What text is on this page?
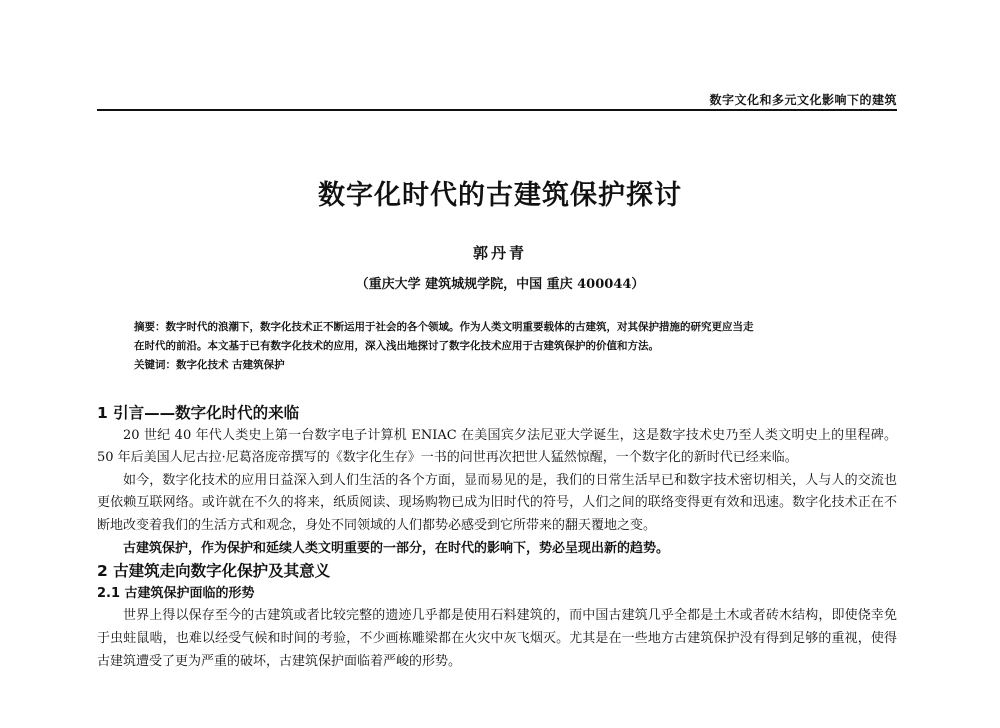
数字文化和多元文化影响下的建筑
数字化时代的古建筑保护探讨
郭丹青
（重庆大学 建筑城规学院，中国 重庆 400044）
摘要：数字时代的浪潮下，数字化技术正不断运用于社会的各个领域。作为人类文明重要载体的古建筑，对其保护措施的研究更应当走
在时代的前沿。本文基于已有数字化技术的应用，深入浅出地探讨了数字化技术应用于古建筑保护的价值和方法。
关键词：数字化技术 古建筑保护

1 引言——数字化时代的来临

20 世纪 40 年代人类史上第一台数字电子计算机 ENIAC 在美国宾夕法尼亚大学诞生，这是数字技术史乃至人类文明史上的里程碑。50 年后美国人尼古拉·尼葛洛庞帝撰写的《数字化生存》一书的问世再次把世人猛然惊醒，一个数字化的新时代已经来临。

如今，数字化技术的应用日益深入到人们生活的各个方面，显而易见的是，我们的日常生活早已和数字技术密切相关，人与人的交流也更依赖互联网络。或许就在不久的将来，纸质阅读、现场购物已成为旧时代的符号，人们之间的联络变得更有效和迅速。数字化技术正在不断地改变着我们的生活方式和观念，身处不同领域的人们都势必感受到它所带来的翻天覆地之变。

古建筑保护，作为保护和延续人类文明重要的一部分，在时代的影响下，势必呈现出新的趋势。

2 古建筑走向数字化保护及其意义

2.1 古建筑保护面临的形势

世界上得以保存至今的古建筑或者比较完整的遗迹几乎都是使用石料建筑的，而中国古建筑几乎全都是土木或者砖木结构，即使侥幸免于虫蛀鼠啮，也难以经受气候和时间的考验，不少画栋雕梁都在火灾中灰飞烟灭。尤其是在一些地方古建筑保护没有得到足够的重视，使得古建筑遭受了更为严重的破坏，古建筑保护面临着严峻的形势。
